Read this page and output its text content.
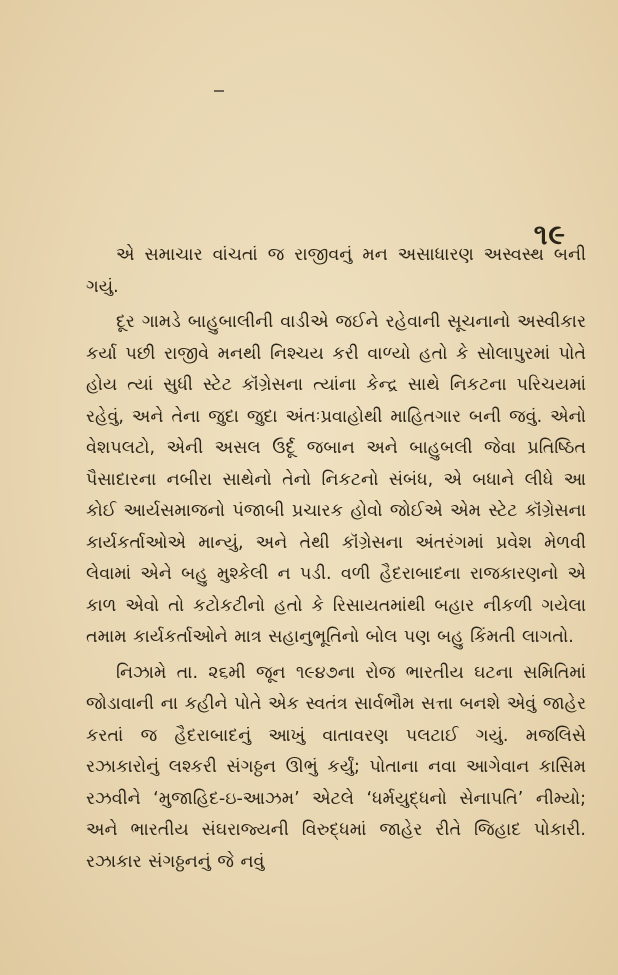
૧૯

એ સમાચાર વાંચતાં જ રાજીવનું મન અસાધારણ અસ્વસ્થ બની ગયું.

દૂર ગામડે બાહુબાલીની વાડીએ જઈને રહેવાની સૂચનાનો અસ્વીકાર કર્યા પછી રાજીવે મનથી નિશ્ચય કરી વાળ્યો હતો કે સોલાપુરમાં પોતે હોય ત્યાં સુધી સ્ટેટ કૉંગ્રેસના ત્યાંના કેન્દ્ર સાથે નિકટના પરિચયમાં રહેવું, અને તેના જુદા જુદા અંતઃપ્રવાહોથી માહિતગાર બની જવું. એનો વેશપલટો, એની અસલ ઉર્દૂ જબાન અને બાહુબલી જેવા પ્રતિષ્ઠિત પૈસાદારના નબીરા સાથેનો તેનો નિકટનો સંબંધ, એ બધાને લીધે આ કોઈ આર્યસમાજનો પંજાબી પ્રચારક હોવો જોઈએ એમ સ્ટેટ કૉંગ્રેસના કાર્યકર્તાઓએ માન્યું, અને તેથી કૉંગ્રેસના અંતરંગમાં પ્રવેશ મેળવી લેવામાં એને બહુ મુશ્કેલી ન પડી. વળી હૈદરાબાદના રાજકારણનો એ કાળ એવો તો કટોકટીનો હતો કે રિસાયતમાંથી બહાર નીકળી ગયેલા તમામ કાર્યકર્તાઓને માત્ર સહાનુભૂતિનો બોલ પણ બહુ કિંમતી લાગતો.

નિઝામે તા. ૨૬મી જૂન ૧૯૪૭ના રોજ ભારતીય ઘટના સમિતિમાં જોડાવાની ના કહીને પોતે એક સ્વતંત્ર સાર્વભૌમ સત્તા બનશે એવું જાહેર કરતાં જ હૈદરાબાદનું આખું વાતાવરણ પલટાઈ ગયું. મજલિસે રઝાકારોનું લશ્કરી સંગઠ્ઠન ઊભું કર્યું; પોતાના નવા આગેવાન કાસિમ રઝવીને ‘મુજાહિદ-ઇ-આઝમ’ એટલે ‘ધર્મયુદ્ધનો સેનાપતિ’ નીમ્યો; અને ભારતીય સંઘરાજ્યની વિરુદ્ધમાં જાહેર રીતે જિહાદ પોકારી. રઝાકાર સંગઠ્ઠનનું જે નવું
